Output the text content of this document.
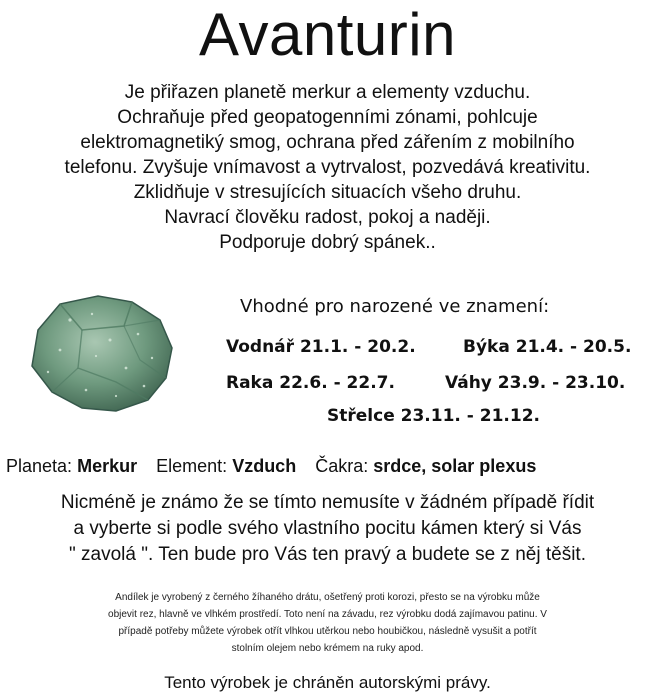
Avanturin
Je přiřazen planetě merkur a elementy vzduchu.
Ochraňuje před geopatogenními zónami, pohlcuje
elektromagnetiký smog, ochrana před zářením z mobilního
telefonu. Zvyšuje vnímavost a vytrvalost, pozvedává kreativitu.
Zklidňuje v stresujících situacích všeho druhu.
Navrací člověku radost, pokoj a naději.
Podporuje dobrý spánek..
Vhodné pro narozené ve znamení:
Vodnář 21.1. - 20.2.	Býka 21.4. - 20.5.
Raka 22.6. - 22.7.	Váhy 23.9. - 23.10.
Střelce 23.11. - 21.12.
Planeta: Merkur Element: Vzduch Čakra: srdce, solar plexus
Nicméně je známo že se tímto nemusíte v žádném případě řídit
a vyberte si podle svého vlastního pocitu kámen který si Vás
" zavolá ". Ten bude pro Vás ten pravý a budete se z něj těšit.
Andílek je vyrobený z černého žíhaného drátu, ošetřený proti korozi, přesto se na výrobku může
objevit rez, hlavně ve vlhkém prostředí. Toto není na závadu, rez výrobku dodá zajímavou patinu. V
případě potřeby můžete výrobek otřít vlhkou utěrkou nebo houbičkou, následně vysušit a potřít
stolním olejem nebo krémem na ruky apod.
Tento výrobek je chráněn autorskými právy.
